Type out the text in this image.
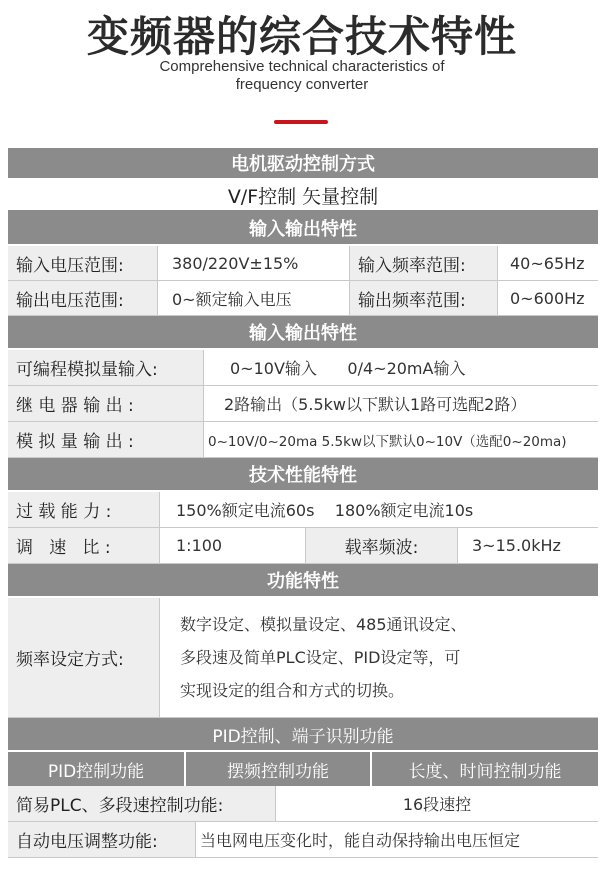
变频器的综合技术特性
Comprehensive technical characteristics of
frequency converter
电机驱动控制方式
V/F控制 矢量控制
输入输出特性
输入电压范围:	380/220V±15%	输入频率范围:	40~65Hz
输出电压范围:	0~额定输入电压	输出频率范围:	0~600Hz
输入输出特性
可编程模拟量输入:	0~10V输入      0/4~20mA输入
继 电 器 输 出 :	2路输出（5.5kw以下默认1路可选配2路）
模 拟 量 输 出 :	0~10V/0~20ma 5.5kw以下默认0~10V（选配0~20ma)
技术性能特性
过 载 能 力 :	150%额定电流60s    180%额定电流10s
调   速   比 :	1:100	载率频波:	3~15.0kHz
功能特性
频率设定方式:
数字设定、模拟量设定、485通讯设定、
多段速及简单PLC设定、PID设定等，可
实现设定的组合和方式的切换。
PID控制、端子识别功能
PID控制功能	摆频控制功能	长度、时间控制功能
简易PLC、多段速控制功能:	16段速控
自动电压调整功能:	当电网电压变化时，能自动保持输出电压恒定
